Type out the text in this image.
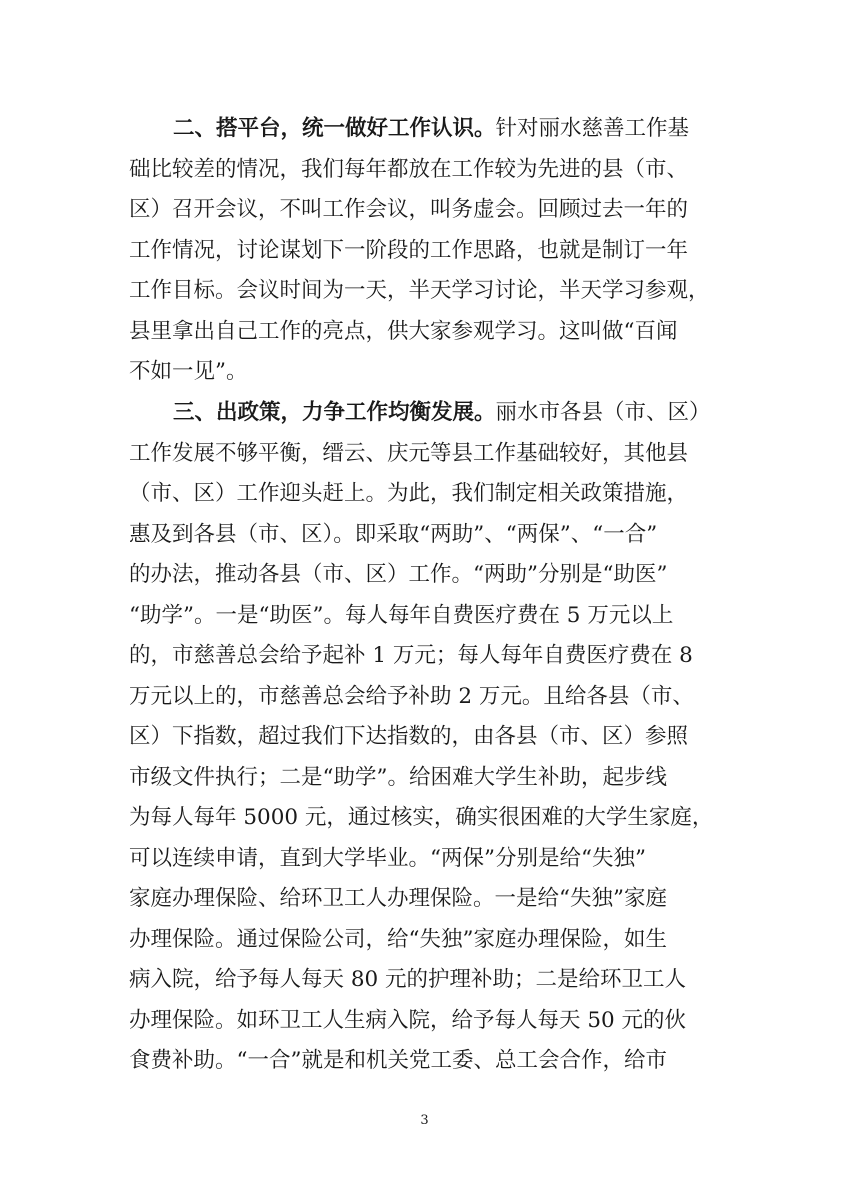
二、搭平台，统一做好工作认识。针对丽水慈善工作基
础比较差的情况，我们每年都放在工作较为先进的县（市、
区）召开会议，不叫工作会议，叫务虚会。回顾过去一年的
工作情况，讨论谋划下一阶段的工作思路，也就是制订一年
工作目标。会议时间为一天，半天学习讨论，半天学习参观，
县里拿出自己工作的亮点，供大家参观学习。这叫做“百闻
不如一见”。
三、出政策，力争工作均衡发展。丽水市各县（市、区）
工作发展不够平衡，缙云、庆元等县工作基础较好，其他县
（市、区）工作迎头赶上。为此，我们制定相关政策措施，
惠及到各县（市、区）。即采取“两助”、“两保”、“一合”
的办法，推动各县（市、区）工作。“两助”分别是“助医”
“助学”。一是“助医”。每人每年自费医疗费在 5 万元以上
的，市慈善总会给予起补 1 万元；每人每年自费医疗费在 8
万元以上的，市慈善总会给予补助 2 万元。且给各县（市、
区）下指数，超过我们下达指数的，由各县（市、区）参照
市级文件执行；二是“助学”。给困难大学生补助，起步线
为每人每年 5000 元，通过核实，确实很困难的大学生家庭，
可以连续申请，直到大学毕业。“两保”分别是给“失独”
家庭办理保险、给环卫工人办理保险。一是给“失独”家庭
办理保险。通过保险公司，给“失独”家庭办理保险，如生
病入院，给予每人每天 80 元的护理补助；二是给环卫工人
办理保险。如环卫工人生病入院，给予每人每天 50 元的伙
食费补助。“一合”就是和机关党工委、总工会合作，给市
3
